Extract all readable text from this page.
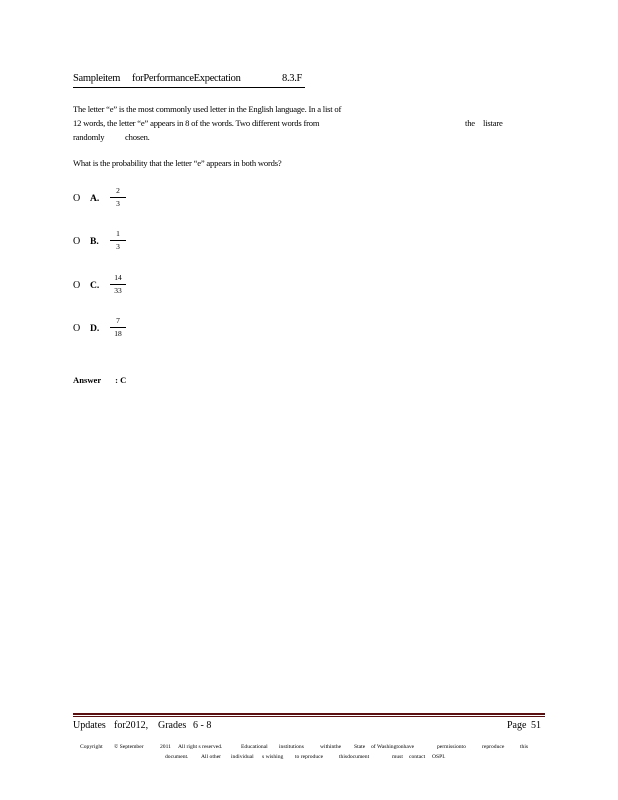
Sampleitem forPerformanceExpectation	8.3.F
The letter “e” is the most commonly used letter in the English language. In a list of
12 words, the letter “e” appears in 8 of the words. Two different words from	the listare
randomly chosen.
What is the probability that the letter “e” appears in both words?
O A.
2
3
O B.
1
3
O C.
14
33
O D.
7
18
Answer : C
Updates for2012, Grades 6 - 8	Page 51
Copyright © September	2011 All right s reserved.	Educational institutions	withinthe State of Washingtonhave	permissionto	reproduce	this
document. All other individual s wishing to reproduce	thisdocument	must contact OSPI.
